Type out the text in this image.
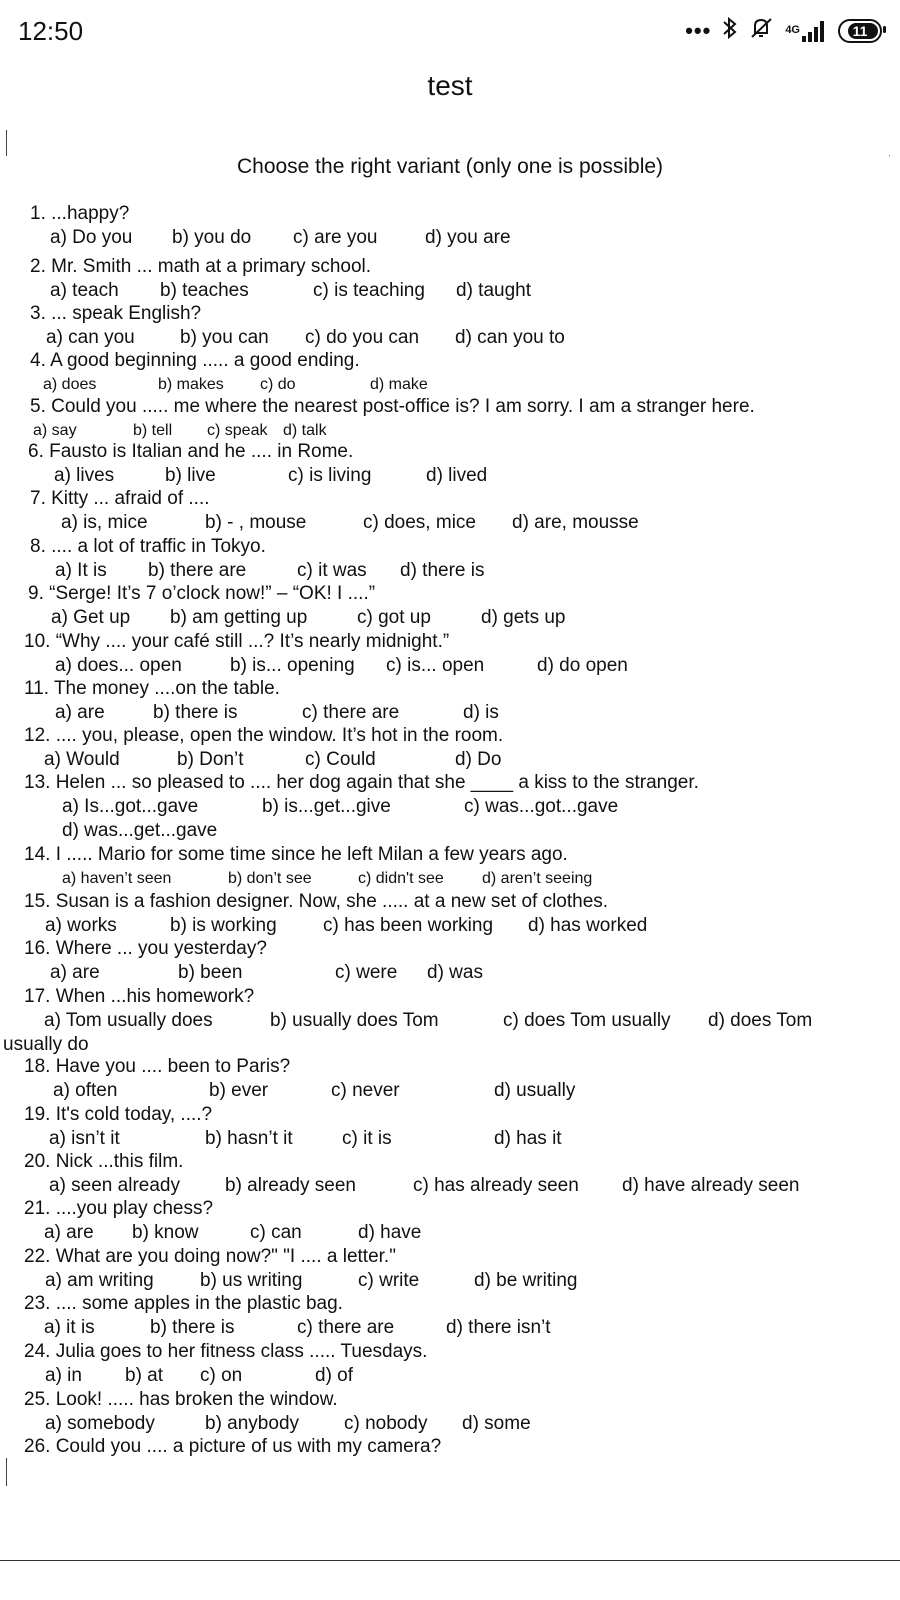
12:50	•••	4G	11
test
Choose the right variant (only one is possible)
1. ...happy?
a) Do you b) you do c) are you	d) you are
2. Mr. Smith ... math at a primary school.
a) teach b) teaches	c) is teaching d) taught
3. ... speak English?
a) can you b) you can c) do you can d) can you to
4. A good beginning ..... a good ending.
a) does	b) makes c) do	d) make
5. Could you ..... me where the nearest post-office is? I am sorry. I am a stranger here.
a) say	b) tell c) speak d) talk
6. Fausto is Italian and he .... in Rome.
a) lives	b) live	c) is living	d) lived
7. Kitty ... afraid of ....
a) is, mice	b) - , mouse	c) does, mice d) are, mousse
8. .... a lot of traffic in Tokyo.
a) It is b) there are	c) it was d) there is
9. “Serge! It’s 7 o’clock now!” – “OK! I ....”
a) Get up b) am getting up	c) got up	d) gets up
10. “Why .... your café still ...? It’s nearly midnight.”
a) does... open	b) is... opening c) is... open	d) do open
11. The money ....on the table.
a) are	b) there is	c) there are	d) is
12. .... you, please, open the window. It’s hot in the room.
a) Would	b) Don’t	c) Could	d) Do
13. Helen ... so pleased to .... her dog again that she ____ a kiss to the stranger.
a) Is...got...gave	b) is...get...give	c) was...got...gave
d) was...get...gave
14. I ..... Mario for some time since he left Milan a few years ago.
a) haven’t seen	b) don’t see	c) didn't see d) aren’t seeing
15. Susan is a fashion designer. Now, she ..... at a new set of clothes.
a) works	b) is working c) has been working d) has worked
16. Where ... you yesterday?
a) are	b) been	c) were d) was
17. When ...his homework?
a) Tom usually does	b) usually does Tom	c) does Tom usually d) does Tom
usually do
18. Have you .... been to Paris?
a) often	b) ever	c) never	d) usually
19. It's cold today, ....?
a) isn’t it	b) hasn’t it	c) it is	d) has it
20. Nick ...this film.
a) seen already b) already seen	c) has already seen d) have already seen
21. ....you play chess?
a) are b) know	c) can	d) have
22. What are you doing now?" "I .... a letter."
a) am writing b) us writing	c) write	d) be writing
23. .... some apples in the plastic bag.
a) it is	b) there is	c) there are	d) there isn’t
24. Julia goes to her fitness class ..... Tuesdays.
a) in b) at c) on	d) of
25. Look! ..... has broken the window.
a) somebody	b) anybody c) nobody d) some
26. Could you .... a picture of us with my camera?
